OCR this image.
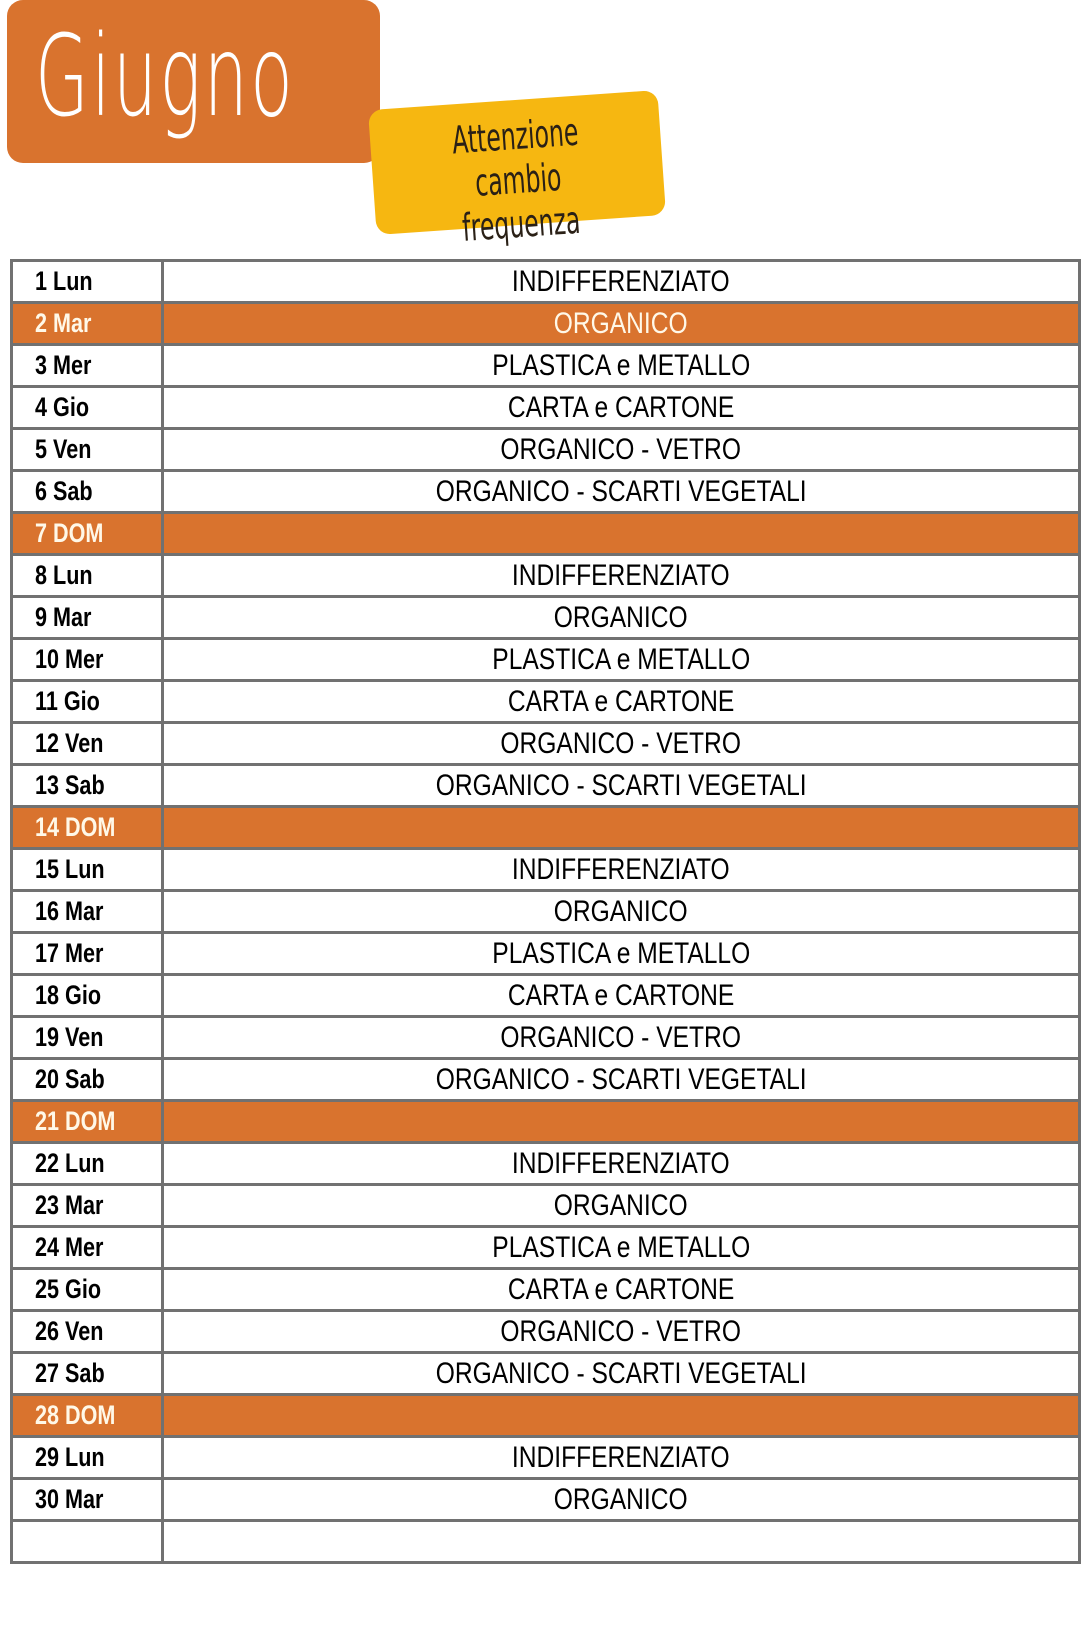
Giugno	Attenzione
cambio frequenza
1 Lun	INDIFFERENZIATO
2 Mar	ORGANICO
3 Mer	PLASTICA e METALLO
4 Gio	CARTA e CARTONE
5 Ven	ORGANICO - VETRO
6 Sab	ORGANICO - SCARTI VEGETALI
7 DOM	
8 Lun	INDIFFERENZIATO
9 Mar	ORGANICO
10 Mer	PLASTICA e METALLO
11 Gio	CARTA e CARTONE
12 Ven	ORGANICO - VETRO
13 Sab	ORGANICO - SCARTI VEGETALI
14 DOM	
15 Lun	INDIFFERENZIATO
16 Mar	ORGANICO
17 Mer	PLASTICA e METALLO
18 Gio	CARTA e CARTONE
19 Ven	ORGANICO - VETRO
20 Sab	ORGANICO - SCARTI VEGETALI
21 DOM	
22 Lun	INDIFFERENZIATO
23 Mar	ORGANICO
24 Mer	PLASTICA e METALLO
25 Gio	CARTA e CARTONE
26 Ven	ORGANICO - VETRO
27 Sab	ORGANICO - SCARTI VEGETALI
28 DOM	
29 Lun	INDIFFERENZIATO
30 Mar	ORGANICO
